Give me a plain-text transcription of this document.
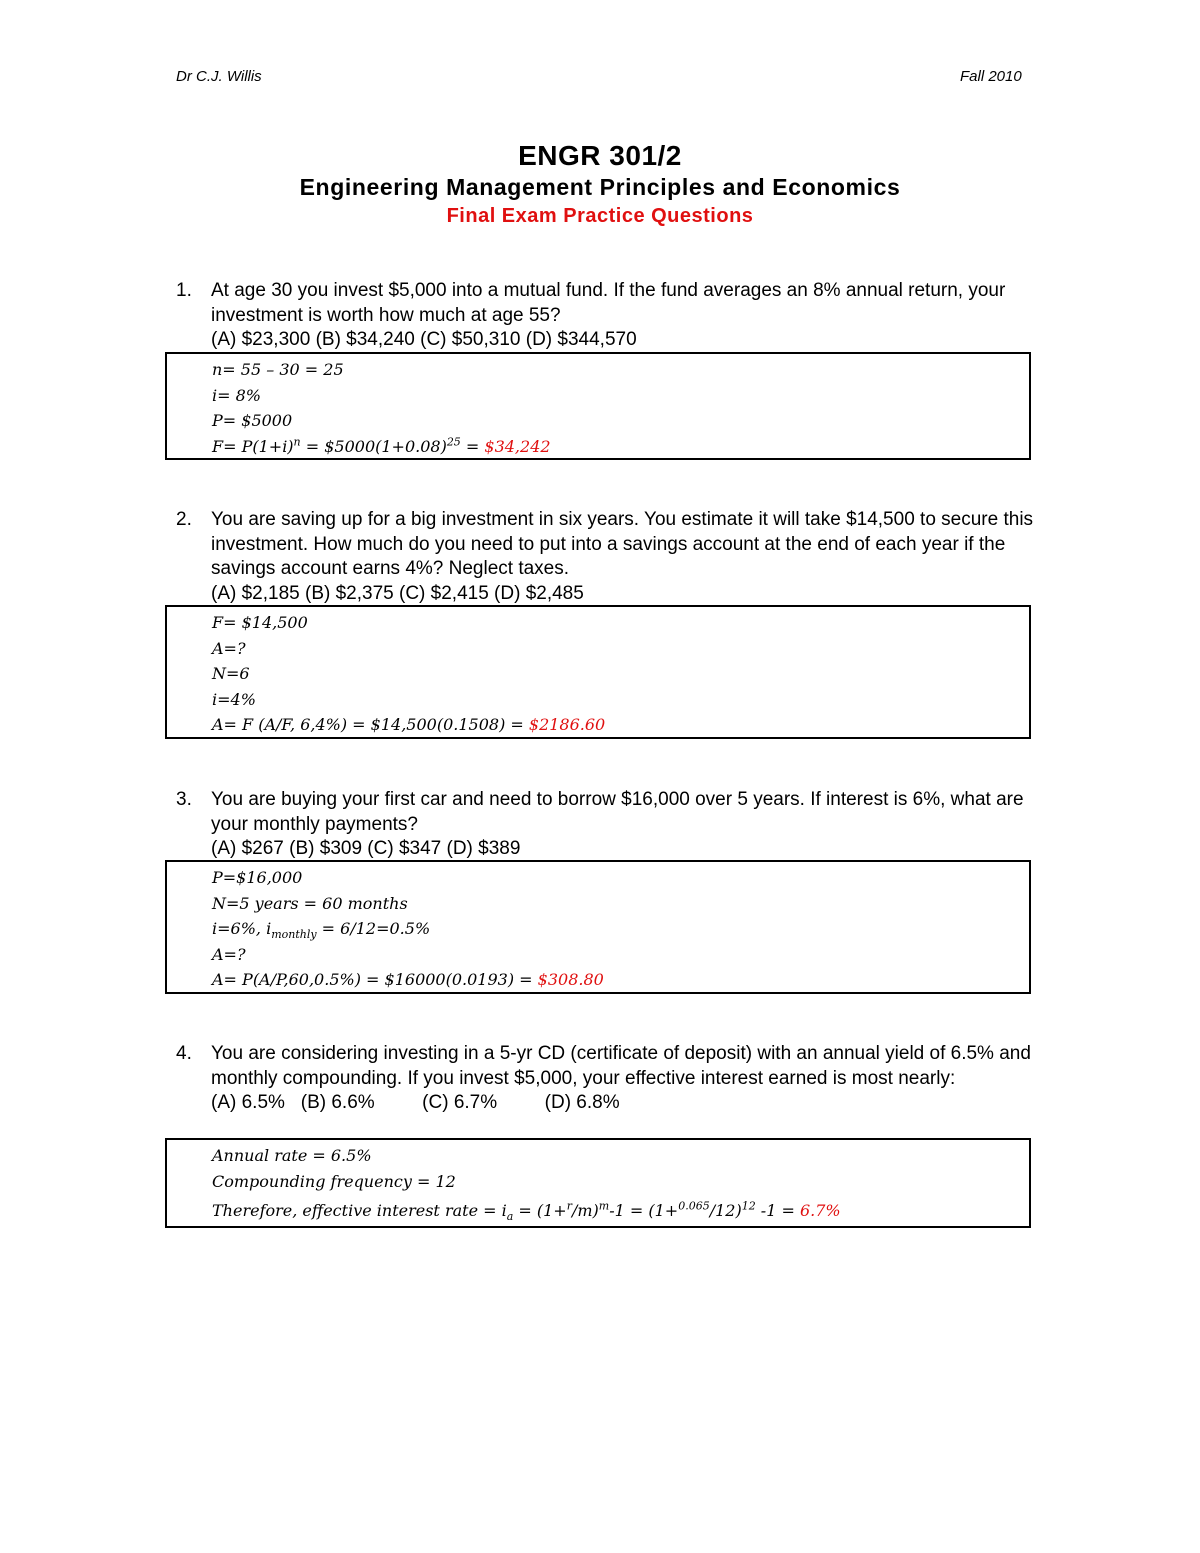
Dr C.J. Willis	Fall 2010
ENGR 301/2
Engineering Management Principles and Economics
Final Exam Practice Questions
1. At age 30 you invest $5,000 into a mutual fund. If the fund averages an 8% annual return, your investment is worth how much at age 55?
(A) $23,300 (B) $34,240 (C) $50,310 (D) $344,570
n= 55 – 30 = 25
i= 8%
P= $5000
$F= P(1+i)^n$ = $\$5000(1+0.08)^{25}$ = $34,242
2. You are saving up for a big investment in six years. You estimate it will take $14,500 to secure this investment. How much do you need to put into a savings account at the end of each year if the savings account earns 4%? Neglect taxes.
(A) $2,185 (B) $2,375 (C) $2,415 (D) $2,485
F= $14,500
A=?
N=6
i=4%
A= F (A/F, 6,4%) = $14,500(0.1508) = $2186.60
3. You are buying your first car and need to borrow $16,000 over 5 years. If interest is 6%, what are your monthly payments?
(A) $267 (B) $309 (C) $347 (D) $389
P=$16,000
N=5 years = 60 months
i=6%, $i_{monthly} = 6/12=0.5\%$
A=?
A= P(A/P,60,0.5%) = $16000(0.0193) = $308.80
4. You are considering investing in a 5-yr CD (certificate of deposit) with an annual yield of 6.5% and monthly compounding. If you invest $5,000, your effective interest earned is most nearly:
(A) 6.5%   (B) 6.6%         (C) 6.7%         (D) 6.8%
Annual rate = 6.5%
Compounding frequency = 12
Therefore, effective interest rate = $i_a = (1+^r/m)^m-1 = (1+^{0.065}/12)^{12}$ -1 = 6.7%
